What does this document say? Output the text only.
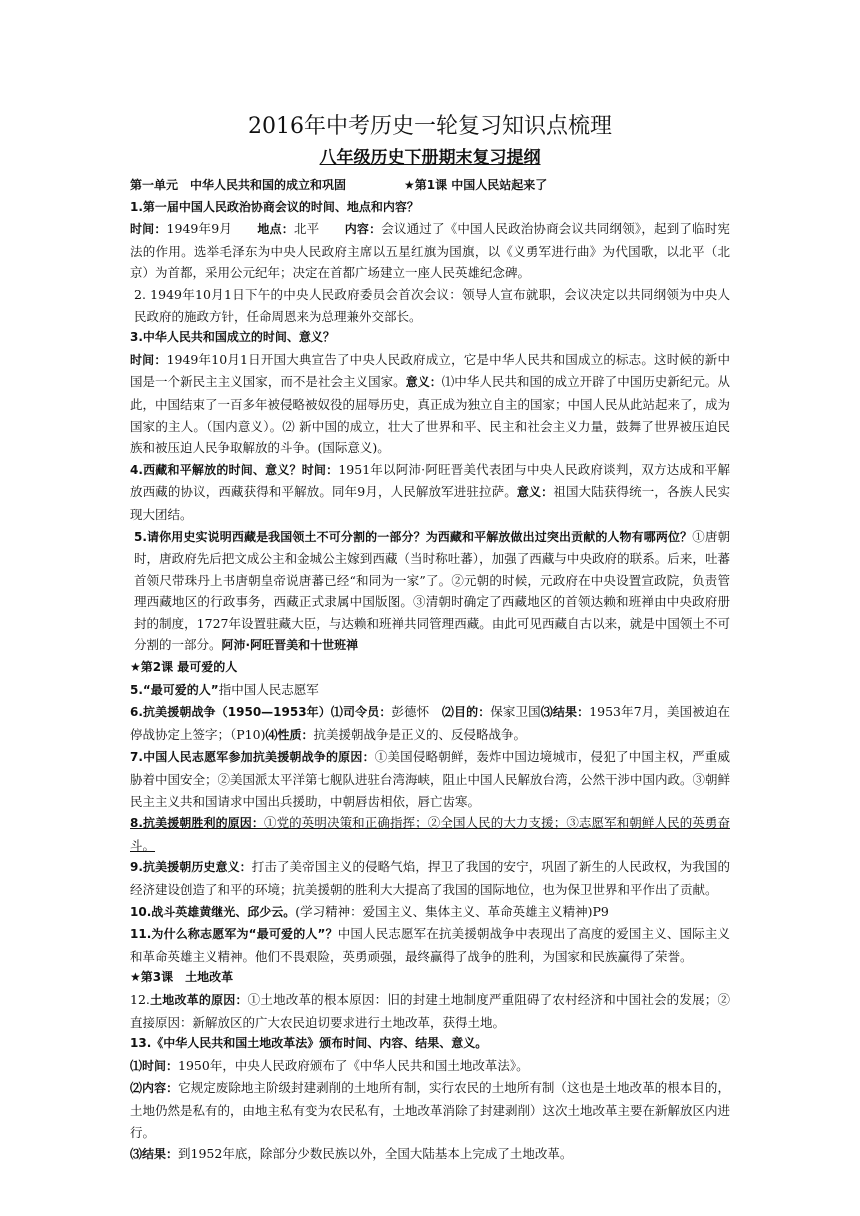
2016年中考历史一轮复习知识点梳理
八年级历史下册期末复习提纲

第一单元　中华人民共和国的成立和巩固	★第1课 中国人民站起来了

1.第一届中国人民政治协商会议的时间、地点和内容？

时间：1949年9月　　地点：北平　　内容：会议通过了《中国人民政治协商会议共同纲领》，起到了临时宪法的作用。选举毛泽东为中央人民政府主席以五星红旗为国旗，以《义勇军进行曲》为代国歌，以北平（北京）为首都，采用公元纪年；决定在首都广场建立一座人民英雄纪念碑。

2. 1949年10月1日下午的中央人民政府委员会首次会议：领导人宣布就职，会议决定以共同纲领为中央人民政府的施政方针，任命周恩来为总理兼外交部长。

3.中华人民共和国成立的时间、意义？

时间：1949年10月1日开国大典宣告了中央人民政府成立，它是中华人民共和国成立的标志。这时候的新中国是一个新民主主义国家，而不是社会主义国家。意义：⑴中华人民共和国的成立开辟了中国历史新纪元。从此，中国结束了一百多年被侵略被奴役的屈辱历史，真正成为独立自主的国家；中国人民从此站起来了，成为国家的主人。（国内意义）。⑵ 新中国的成立，壮大了世界和平、民主和社会主义力量，鼓舞了世界被压迫民族和被压迫人民争取解放的斗争。(国际意义)。

4.西藏和平解放的时间、意义？时间：1951年以阿沛·阿旺晋美代表团与中央人民政府谈判，双方达成和平解放西藏的协议，西藏获得和平解放。同年9月，人民解放军进驻拉萨。意义：祖国大陆获得统一，各族人民实现大团结。

5.请你用史实说明西藏是我国领土不可分割的一部分？为西藏和平解放做出过突出贡献的人物有哪两位？①唐朝时，唐政府先后把文成公主和金城公主嫁到西藏（当时称吐蕃），加强了西藏与中央政府的联系。后来，吐蕃首领尺带珠丹上书唐朝皇帝说唐蕃已经“和同为一家”了。②元朝的时候，元政府在中央设置宣政院，负责管理西藏地区的行政事务，西藏正式隶属中国版图。③清朝时确定了西藏地区的首领达赖和班禅由中央政府册封的制度，1727年设置驻藏大臣，与达赖和班禅共同管理西藏。由此可见西藏自古以来，就是中国领土不可分割的一部分。阿沛·阿旺晋美和十世班禅

★第2课 最可爱的人

5.“最可爱的人”指中国人民志愿军

6.抗美援朝战争（1950—1953年）⑴司令员：彭德怀　 ⑵目的：保家卫国⑶结果：1953年7月，美国被迫在停战协定上签字；（P10)⑷性质：抗美援朝战争是正义的、反侵略战争。

7.中国人民志愿军参加抗美援朝战争的原因：①美国侵略朝鲜，轰炸中国边境城市，侵犯了中国主权，严重威胁着中国安全；②美国派太平洋第七舰队进驻台湾海峡，阻止中国人民解放台湾，公然干涉中国内政。③朝鲜民主主义共和国请求中国出兵援助，中朝唇齿相依，唇亡齿寒。

8.抗美援朝胜利的原因：①党的英明决策和正确指挥；②全国人民的大力支援；③志愿军和朝鲜人民的英勇奋斗。

9.抗美援朝历史意义：打击了美帝国主义的侵略气焰，捍卫了我国的安宁，巩固了新生的人民政权，为我国的经济建设创造了和平的环境；抗美援朝的胜利大大提高了我国的国际地位，也为保卫世界和平作出了贡献。

10.战斗英雄黄继光、邱少云。(学习精神：爱国主义、集体主义、革命英雄主义精神)P9

11.为什么称志愿军为“最可爱的人”？中国人民志愿军在抗美援朝战争中表现出了高度的爱国主义、国际主义和革命英雄主义精神。他们不畏艰险，英勇顽强，最终赢得了战争的胜利，为国家和民族赢得了荣誉。

★第3课　土地改革

12.土地改革的原因：①土地改革的根本原因：旧的封建土地制度严重阻碍了农村经济和中国社会的发展；②直接原因：新解放区的广大农民迫切要求进行土地改革，获得土地。

13.《中华人民共和国土地改革法》颁布时间、内容、结果、意义。

⑴时间：1950年，中央人民政府颁布了《中华人民共和国土地改革法》。

⑵内容：它规定废除地主阶级封建剥削的土地所有制，实行农民的土地所有制（这也是土地改革的根本目的，土地仍然是私有的，由地主私有变为农民私有，土地改革消除了封建剥削）这次土地改革主要在新解放区内进行。

⑶结果：到1952年底，除部分少数民族以外，全国大陆基本上完成了土地改革。
